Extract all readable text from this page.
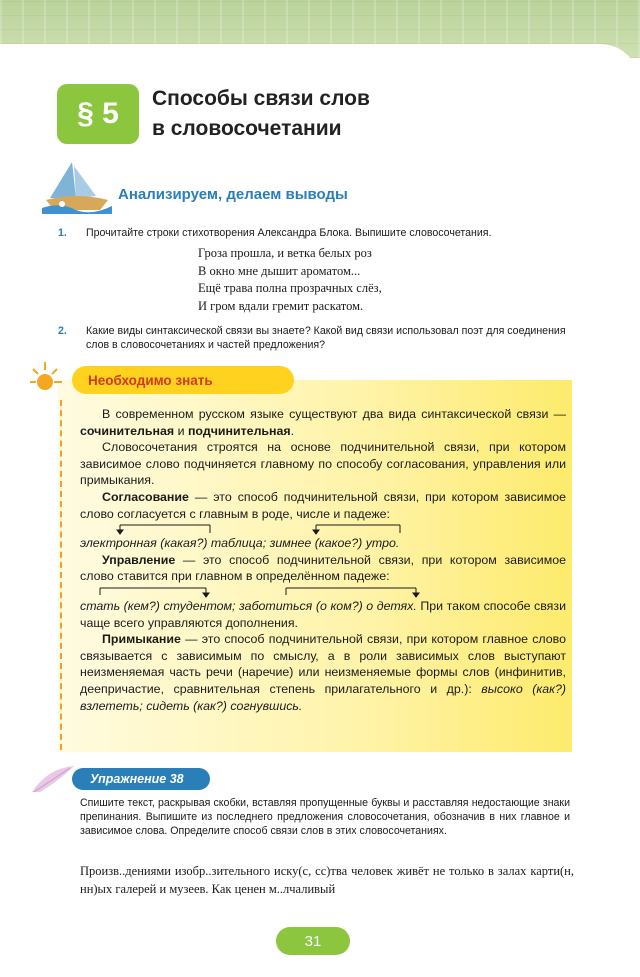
§ 5	Способы связи слов
в словосочетании
Анализируем, делаем выводы
1. Прочитайте строки стихотворения Александра Блока. Выпишите словосочетания.
Гроза прошла, и ветка белых роз
В окно мне дышит ароматом...
Ещё трава полна прозрачных слёз,
И гром вдали гремит раскатом.
2. Какие виды синтаксической связи вы знаете? Какой вид связи использовал поэт для соединения слов в словосочетаниях и частей предложения?
Необходимо знать

В современном русском языке существуют два вида синтаксической связи — сочинительная и подчинительная.

Словосочетания строятся на основе подчинительной связи, при котором зависимое слово подчиняется главному по способу согласования, управления или примыкания.

Согласование — это способ подчинительной связи, при котором зависимое слово согласуется с главным в роде, числе и падеже:

электронная (какая?) таблица; зимнее (какое?) утро.

Управление — это способ подчинительной связи, при котором зависимое слово ставится при главном в определённом падеже:

стать (кем?) студентом; заботиться (о ком?) о детях. При таком способе связи чаще всего управляются дополнения.

Примыкание — это способ подчинительной связи, при котором главное слово связывается с зависимым по смыслу, а в роли зависимых слов выступают неизменяемая часть речи (наречие) или неизменяемые формы слов (инфинитив, деепричастие, сравнительная степень прилагательного и др.): высоко (как?) взлететь; сидеть (как?) согнувшись.

Упражнение 38
Спишите текст, раскрывая скобки, вставляя пропущенные буквы и расставляя недостающие знаки препинания. Выпишите из последнего предложения словосочетания, обозначив в них главное и зависимое слова. Определите способ связи слов в этих словосочетаниях.
Произв..дениями изобр..зительного иску(с, сс)тва человек живёт не только в залах карти(н, нн)ых галерей и музеев. Как ценен м..лчаливый
31
